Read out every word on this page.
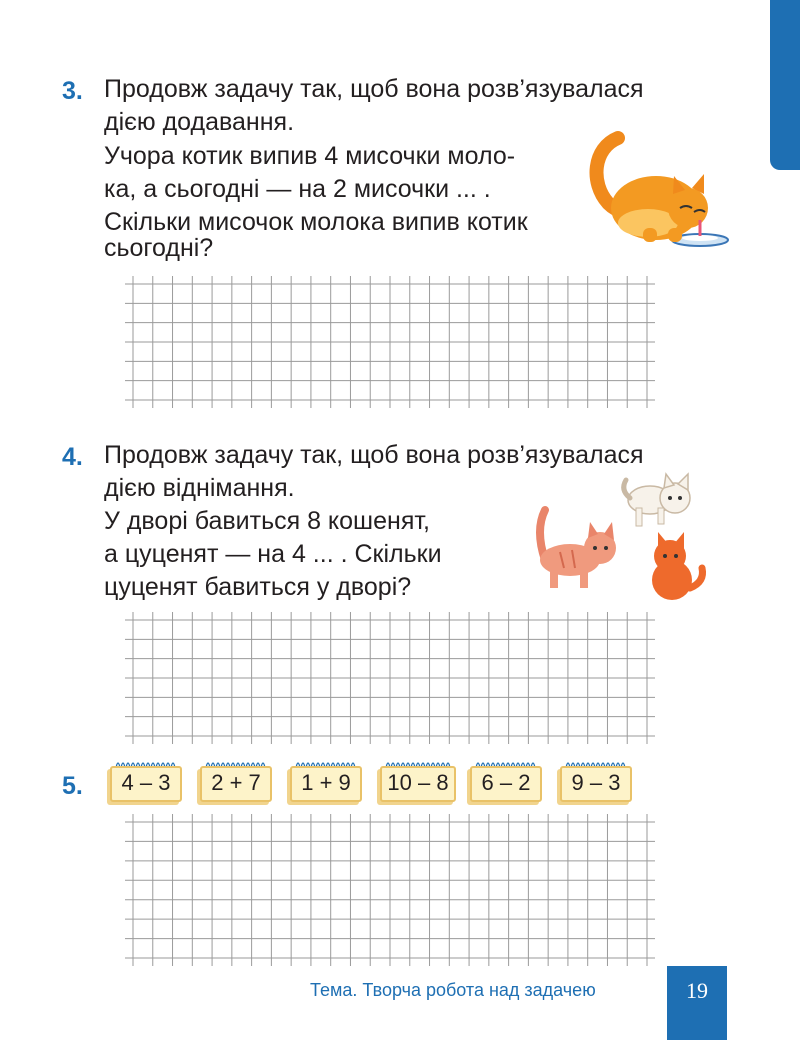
3. Продовж задачу так, щоб вона розв’язувалася
дією додавання.
Учора котик випив 4 мисочки моло-
ка, а сьогодні — на 2 мисочки ... .
Скільки мисочок молока випив котик
сьогодні?
4. Продовж задачу так, щоб вона розв’язувалася
дією віднімання.
У дворі бавиться 8 кошенят,
а цуценят — на 4 ... . Скільки
цуценят бавиться у дворі?
5.	4 – 3	2 + 7	1 + 9	10 – 8	6 – 2	9 – 3
Тема. Творча робота над задачею	19
